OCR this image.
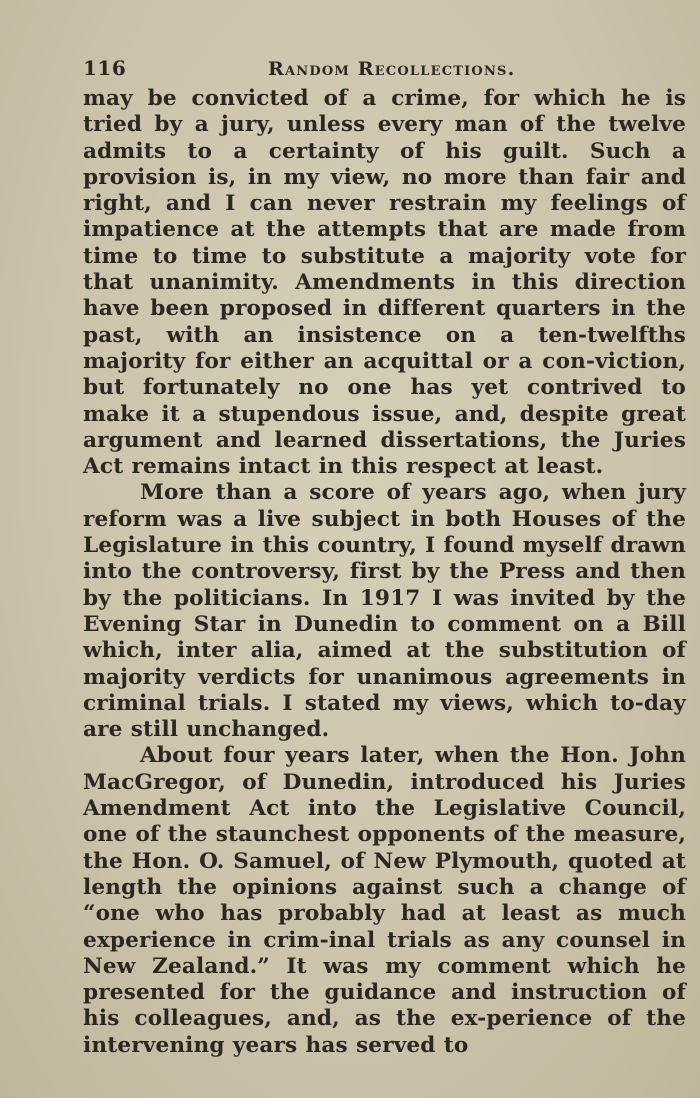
116	Random Recollections.

may be convicted of a crime, for which he is tried by a jury, unless every man of the twelve admits to a certainty of his guilt. Such a provision is, in my view, no more than fair and right, and I can never restrain my feelings of impatience at the attempts that are made from time to time to substitute a majority vote for that unanimity. Amendments in this direction have been proposed in different quarters in the past, with an insistence on a ten-twelfths majority for either an acquittal or a con-viction, but fortunately no one has yet contrived to make it a stupendous issue, and, despite great argument and learned dissertations, the Juries Act remains intact in this respect at least.

More than a score of years ago, when jury reform was a live subject in both Houses of the Legislature in this country, I found myself drawn into the controversy, first by the Press and then by the politicians. In 1917 I was invited by the Evening Star in Dunedin to comment on a Bill which, inter alia, aimed at the substitution of majority verdicts for unanimous agreements in criminal trials. I stated my views, which to-day are still unchanged.

About four years later, when the Hon. John MacGregor, of Dunedin, introduced his Juries Amendment Act into the Legislative Council, one of the staunchest opponents of the measure, the Hon. O. Samuel, of New Plymouth, quoted at length the opinions against such a change of “one who has probably had at least as much experience in crim-inal trials as any counsel in New Zealand.” It was my comment which he presented for the guidance and instruction of his colleagues, and, as the ex-perience of the intervening years has served to
